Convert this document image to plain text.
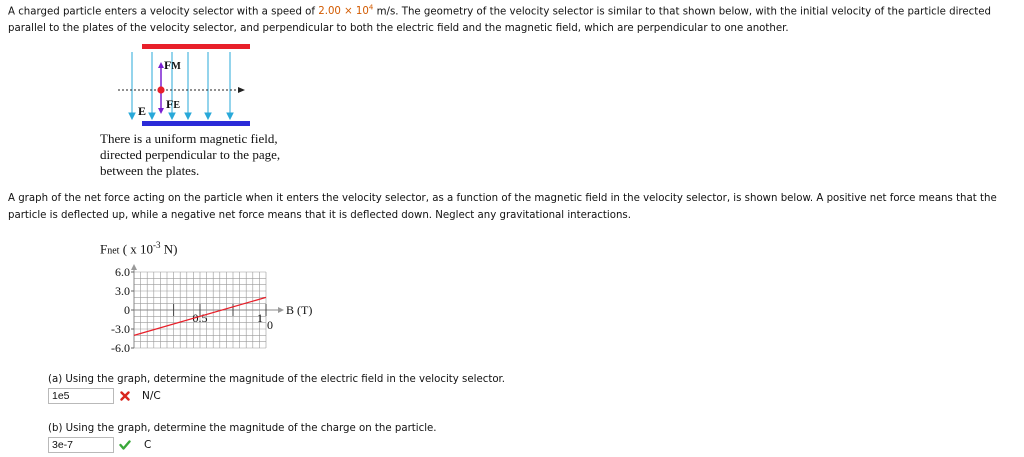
A charged particle enters a velocity selector with a speed of $2.00 \times 10^4$ m/s. The geometry of the velocity selector is similar to that shown below, with the initial velocity of the particle directed parallel to the plates of the velocity selector, and perpendicular to both the electric field and the magnetic field, which are perpendicular to one another.
FM
FE
E
There is a uniform magnetic field, directed perpendicular to the page, between the plates.
A graph of the net force acting on the particle when it enters the velocity selector, as a function of the magnetic field in the velocity selector, is shown below. A positive net force means that the particle is deflected up, while a negative net force means that it is deflected down. Neglect any gravitational interactions.
Fnet ( x $10^{-3}$ N)
6.0
3.0
0
-3.0
-6.0
0.5	1 0
B (T)
(a) Using the graph, determine the magnitude of the electric field in the velocity selector.
1e5	N/C
(b) Using the graph, determine the magnitude of the charge on the particle.
3e-7	C
